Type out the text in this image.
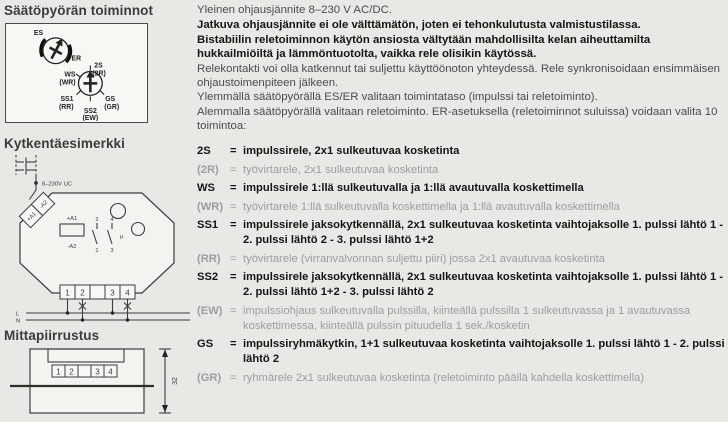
Säätöpyörän toiminnot
ES
ER
2S
(2R)
WS
(WR)
SS1
(RR)
SS2
(EW)
GS
(GR)
Kytkentäesimerkki
8–230V UC
+A1
-A2
+A1
-A2
2 4
1 3
µ
1 2	3 4
L
N
Mittapiirrustus
1 2	3 4
32

Yleinen ohjausjännite 8–230 V AC/DC.

Jatkuva ohjausjännite ei ole välttämätön, joten ei tehonkulutusta valmistustilassa.

Bistabiilin reletoiminnon käytön ansiosta vältytään mahdollisilta kelan aiheuttamilta hukkailmiöiltä ja lämmöntuotolta, vaikka rele olisikin käytössä.

Relekontakti voi olla katkennut tai suljettu käyttöönoton yhteydessä. Rele synkronisoidaan ensimmäisen ohjaustoimenpiteen jälkeen.

Ylemmällä säätöpyörällä ES/ER valitaan toimintataso (impulssi tai reletoiminto).

Alemmalla säätöpyörällä valitaan reletoiminto. ER-asetuksella (reletoiminnot suluissa) voidaan valita 10 toimintoa:

2S	= impulssirele, 2x1 sulkeutuvaa kosketinta
(2R)	= työvirtarele, 2x1 sulkeutuvaa kosketinta
WS	= impulssirele 1:llä sulkeutuvalla ja 1:llä avautuvalla koskettimella
(WR) = työvirtarele 1:llä sulkeutuvalla koskettimella ja 1:llä avautuvalla koskettimella
SS1	= impulssirele jaksokytkennällä, 2x1 sulkeutuvaa kosketinta vaihtojaksolle 1. pulssi lähtö 1 - 2. pulssi lähtö 2 - 3. pulssi lähtö 1+2
(RR) = työvirtarele (virranvalvonnan suljettu piiri) jossa 2x1 avautuvaa kosketinta
SS2	= impulssirele jaksokytkennällä, 2x1 sulkeutuvaa kosketinta vaihtojaksolle 1. pulssi lähtö 1 - 2. pulssi lähtö 1+2 - 3. pulssi lähtö 2
(EW) = impulssiohjaus sulkeutuvalla pulssilla, kiinteällä pulssilla 1 sulkeutuvassa ja 1 avautuvassa koskettimessa, kiinteällä pulssin pituudella 1 sek./kosketin
GS	= impulssiryhmäkytkin, 1+1 sulkeutuvaa kosketinta vaihtojaksolle 1. pulssi lähtö 1 - 2. pulssi lähtö 2
(GR) = ryhmärele 2x1 sulkeutuvaa kosketinta (reletoiminto päällä kahdella koskettimella)
